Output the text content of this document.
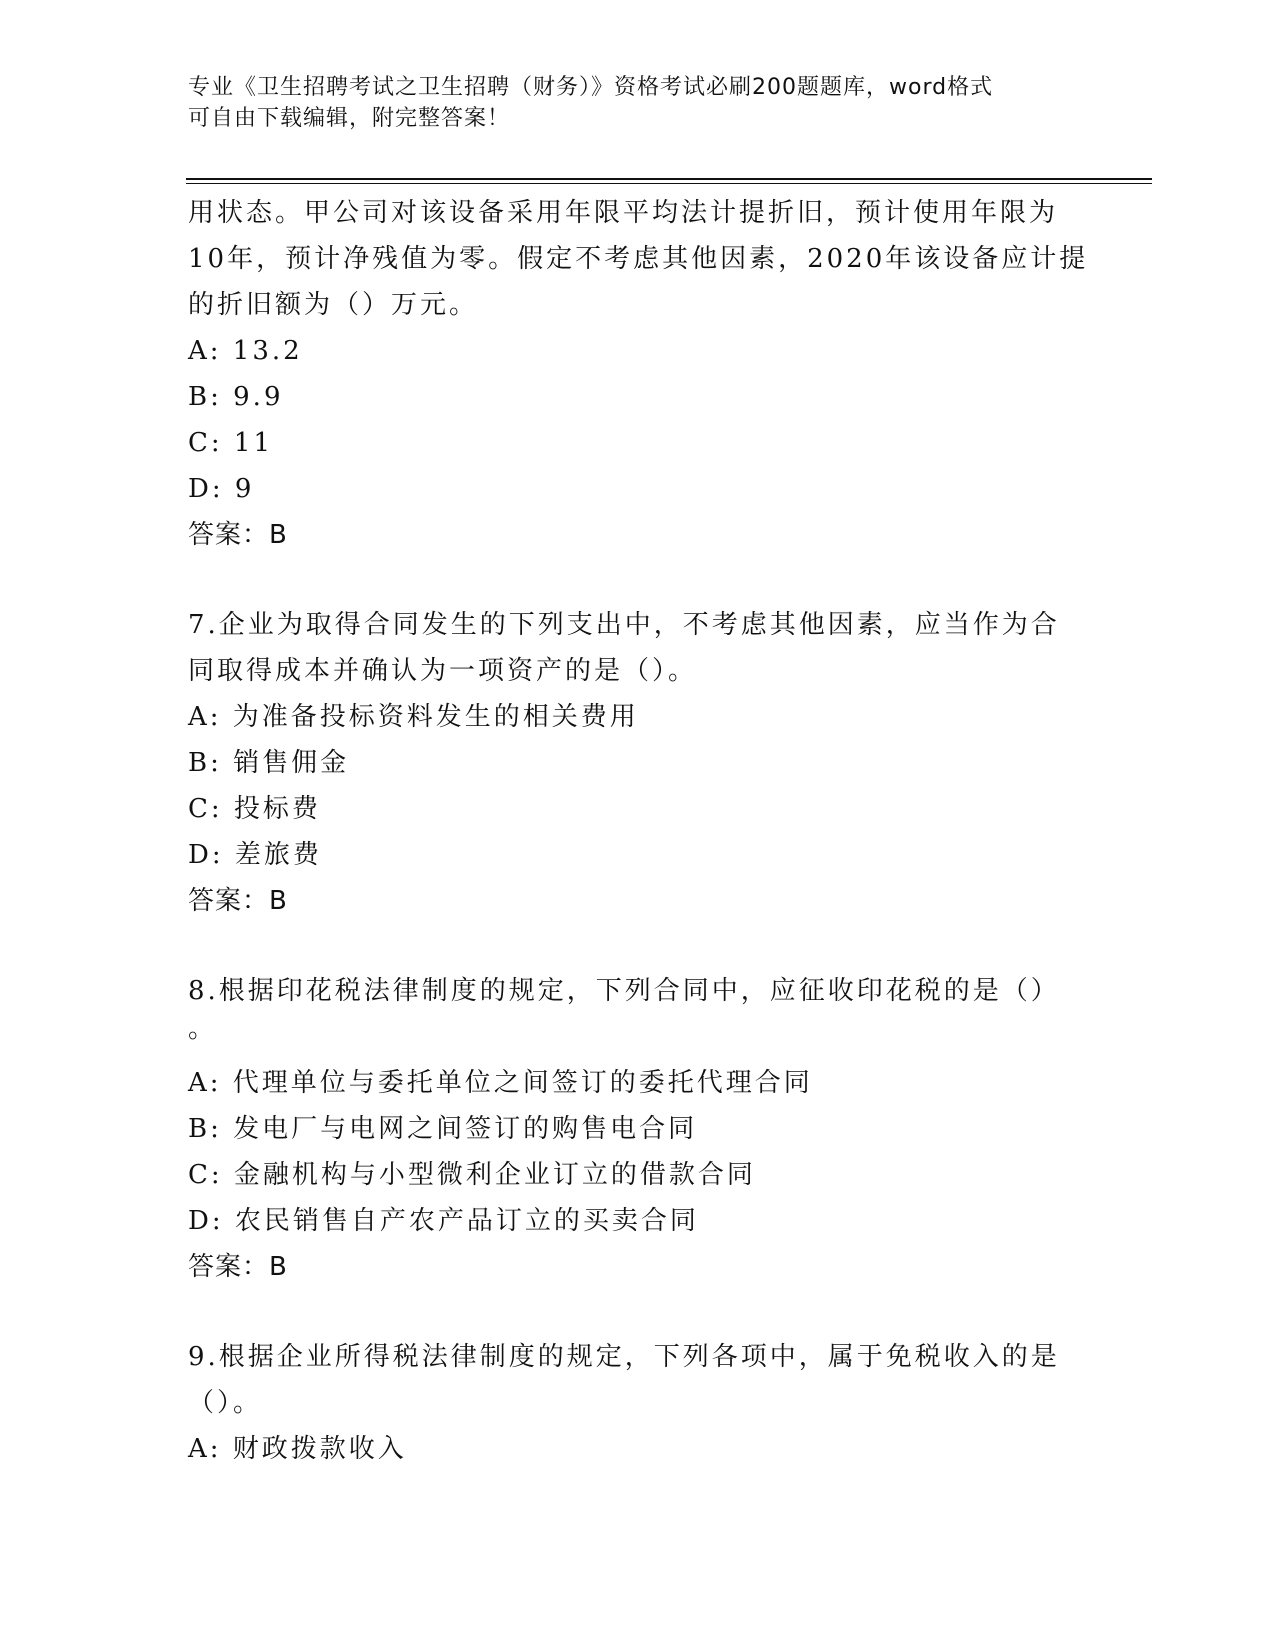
专业《卫生招聘考试之卫生招聘（财务）》资格考试必刷200题题库，word格式
可自由下载编辑，附完整答案！
用状态。甲公司对该设备采用年限平均法计提折旧，预计使用年限为
10年，预计净残值为零。假定不考虑其他因素，2020年该设备应计提
的折旧额为（）万元。
A: 13.2
B: 9.9
C: 11
D: 9
答案：B
7.企业为取得合同发生的下列支出中，不考虑其他因素，应当作为合
同取得成本并确认为一项资产的是（）。
A: 为准备投标资料发生的相关费用
B: 销售佣金
C: 投标费
D: 差旅费
答案：B
8.根据印花税法律制度的规定，下列合同中，应征收印花税的是（）
。
A: 代理单位与委托单位之间签订的委托代理合同
B: 发电厂与电网之间签订的购售电合同
C: 金融机构与小型微利企业订立的借款合同
D: 农民销售自产农产品订立的买卖合同
答案：B
9.根据企业所得税法律制度的规定，下列各项中，属于免税收入的是
（）。
A: 财政拨款收入
